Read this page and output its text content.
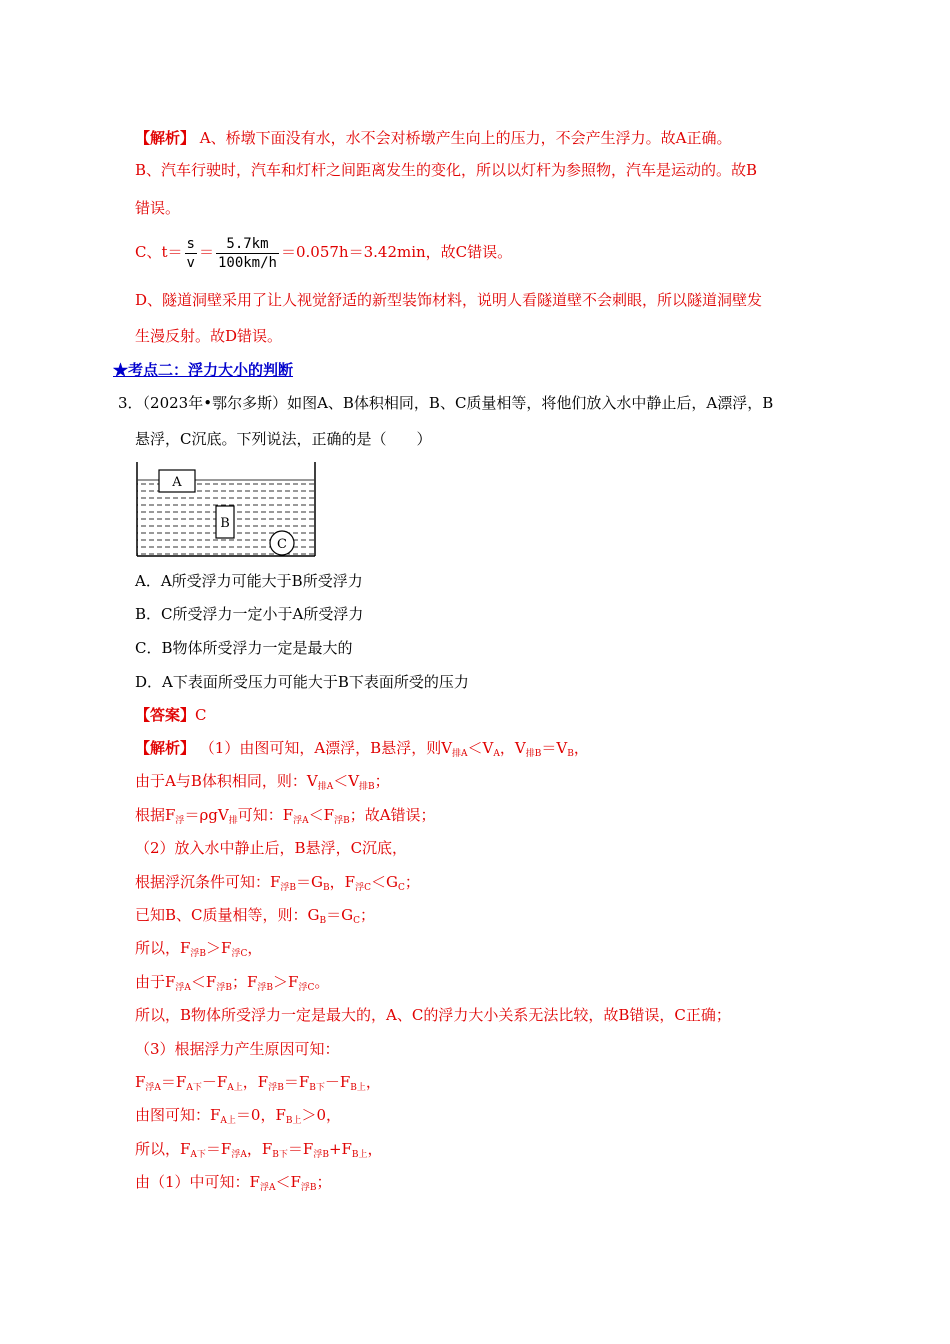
【解析】 A、桥墩下面没有水，水不会对桥墩产生向上的压力，不会产生浮力。故A正确。
B、汽车行驶时，汽车和灯杆之间距离发生的变化，所以以灯杆为参照物，汽车是运动的。故B
错误。
C、$t= \frac{s}{v} = \frac{5.7km}{100km/h} =0.057h=3.42\min$，故C错误。
D、隧道洞壁采用了让人视觉舒适的新型装饰材料，说明人看隧道壁不会刺眼，所以隧道洞壁发
生漫反射。故D错误。
★考点二：浮力大小的判断
3．（2023年•鄂尔多斯）如图A、B体积相同，B、C质量相等，将他们放入水中静止后，A漂浮，B
悬浮，C沉底。下列说法，正确的是（　　）
A
B
C
A．A所受浮力可能大于B所受浮力
B．C所受浮力一定小于A所受浮力
C．B物体所受浮力一定是最大的
D．A下表面所受压力可能大于B下表面所受的压力
【答案】C
【解析】 （1）由图可知，A漂浮，B悬浮，则$V_{排A}<V_A$，$V_{排B}=V_B$，
由于A与B体积相同，则：$V_{排A}<V_{排B}$；
根据$F_浮=\rho gV_排$可知：$F_{浮A}<F_{浮B}$；故A错误；
（2）放入水中静止后，B悬浮，C沉底，
根据浮沉条件可知：$F_{浮B}=G_B$，$F_{浮C}<G_C$；
已知B、C质量相等，则：$G_B=G_C$；
所以，$F_{浮B}>F_{浮C}$，
由于$F_{浮A}<F_{浮B}$；$F_{浮B}>F_{浮C}$。
所以，B物体所受浮力一定是最大的，A、C的浮力大小关系无法比较，故B错误，C正确；
（3）根据浮力产生原因可知：
$F_{浮A}=F_{A下}-F_{A上}$，$F_{浮B}=F_{B下}-F_{B上}$，
由图可知：$F_{A上}=0$，$F_{B上}>0$，
所以，$F_{A下}=F_{浮A}$，$F_{B下}=F_{浮B}+F_{B上}$，
由（1）中可知：$F_{浮A}<F_{浮B}$；
